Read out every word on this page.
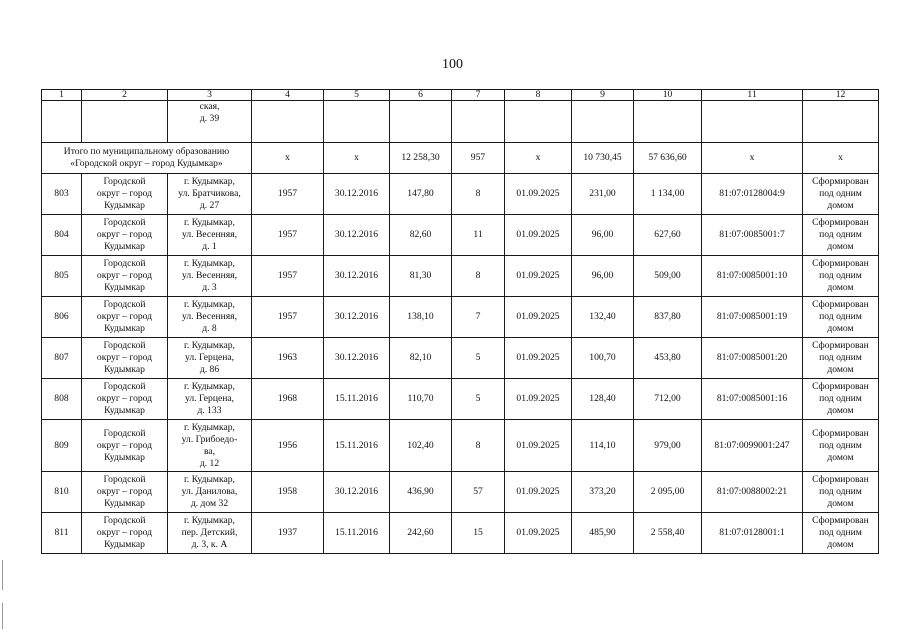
100
1	2	3	4	5	6	7	8	9	10	11	12

		ская,
д. 39									

Итого по муниципальному образованию
«Городской округ – город Кудымкар»			x	x	12 258,30	957	x	10 730,45	57 636,60	x	x
803	Городской
округ – город
Кудымкар	г. Кудымкар,
ул. Братчикова,
д. 27	1957	30.12.2016	147,80	8	01.09.2025	231,00	1 134,00	81:07:0128004:9	Сформирован
под одним
домом

804	Городской
округ – город
Кудымкар	г. Кудымкар,
ул. Весенняя,
д. 1	1957	30.12.2016	82,60	11	01.09.2025	96,00	627,60	81:07:0085001:7	Сформирован
под одним
домом

805	Городской
округ – город
Кудымкар	г. Кудымкар,
ул. Весенняя,
д. 3	1957	30.12.2016	81,30	8	01.09.2025	96,00	509,00	81:07:0085001:10	Сформирован
под одним
домом

806	Городской
округ – город
Кудымкар	г. Кудымкар,
ул. Весенняя,
д. 8	1957	30.12.2016	138,10	7	01.09.2025	132,40	837,80	81:07:0085001:19	Сформирован
под одним
домом

807	Городской
округ – город
Кудымкар	г. Кудымкар,
ул. Герцена,
д. 86	1963	30.12.2016	82,10	5	01.09.2025	100,70	453,80	81:07:0085001:20	Сформирован
под одним
домом

808	Городской
округ – город
Кудымкар	г. Кудымкар,
ул. Герцена,
д. 133	1968	15.11.2016	110,70	5	01.09.2025	128,40	712,00	81:07:0085001:16	Сформирован
под одним
домом

809	Городской
округ – город
Кудымкар	г. Кудымкар,
ул. Грибоедо-
ва,
д. 12	1956	15.11.2016	102,40	8	01.09.2025	114,10	979,00	81:07:0099001:247	Сформирован
под одним
домом

810	Городской
округ – город
Кудымкар	г. Кудымкар,
ул. Данилова,
д. дом 32	1958	30.12.2016	436,90	57	01.09.2025	373,20	2 095,00	81:07:0088002:21	Сформирован
под одним
домом

811	Городской
округ – город
Кудымкар	г. Кудымкар,
пер. Детский,
д. 3, к. А	1937	15.11.2016	242,60	15	01.09.2025	485,90	2 558,40	81:07:0128001:1	Сформирован
под одним
домом
